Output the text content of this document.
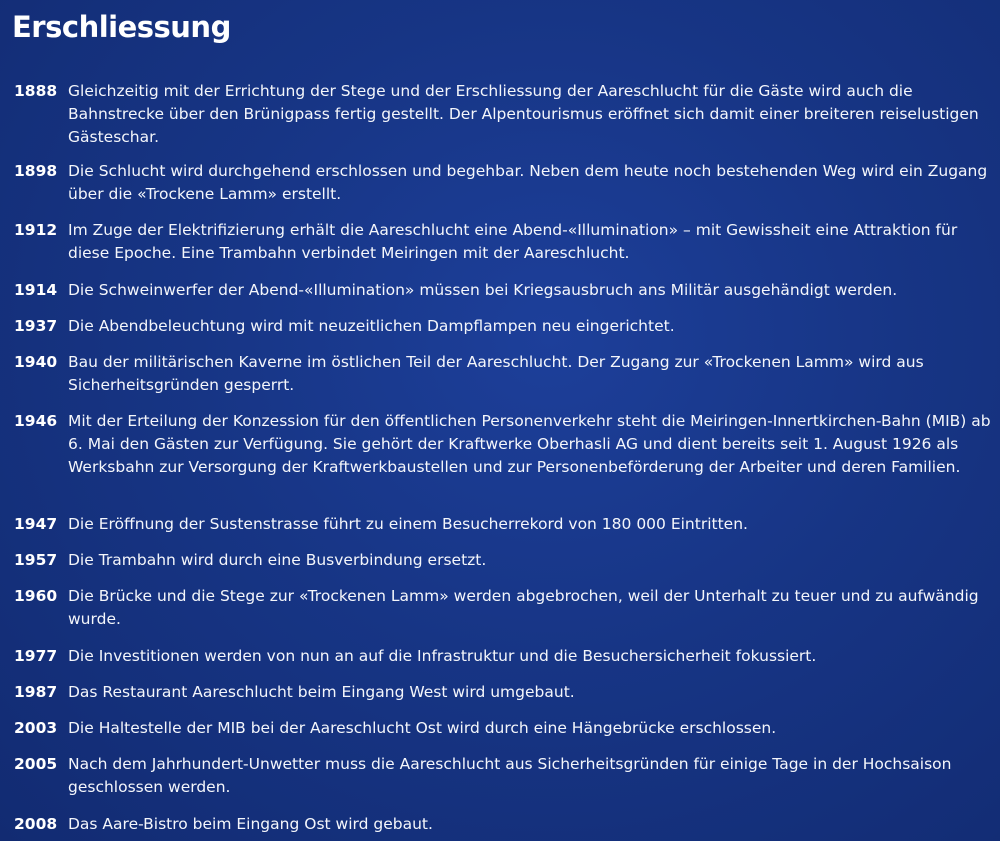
Erschliessung
1888 Gleichzeitig mit der Errichtung der Stege und der Erschliessung der Aareschlucht für die Gäste wird auch die Bahnstrecke über den Brünigpass fertig gestellt. Der Alpentourismus eröffnet sich damit einer breiteren reiselustigen Gästeschar.
1898 Die Schlucht wird durchgehend erschlossen und begehbar. Neben dem heute noch bestehenden Weg wird ein Zugang über die «Trockene Lamm» erstellt.
1912 Im Zuge der Elektrifizierung erhält die Aareschlucht eine Abend-«Illumination» – mit Gewissheit eine Attraktion für diese Epoche. Eine Trambahn verbindet Meiringen mit der Aareschlucht.
1914 Die Schweinwerfer der Abend-«Illumination» müssen bei Kriegsausbruch ans Militär ausgehändigt werden.
1937 Die Abendbeleuchtung wird mit neuzeitlichen Dampflampen neu eingerichtet.
1940 Bau der militärischen Kaverne im östlichen Teil der Aareschlucht. Der Zugang zur «Trockenen Lamm» wird aus Sicherheitsgründen gesperrt.
1946 Mit der Erteilung der Konzession für den öffentlichen Personenverkehr steht die Meiringen-Innertkirchen-Bahn (MIB) ab 6. Mai den Gästen zur Verfügung. Sie gehört der Kraftwerke Oberhasli AG und dient bereits seit 1. August 1926 als Werksbahn zur Versorgung der Kraftwerkbaustellen und zur Personenbeförderung der Arbeiter und deren Familien.
1947 Die Eröffnung der Sustenstrasse führt zu einem Besucherrekord von 180 000 Eintritten.
1957 Die Trambahn wird durch eine Busverbindung ersetzt.
1960 Die Brücke und die Stege zur «Trockenen Lamm» werden abgebrochen, weil der Unterhalt zu teuer und zu aufwändig wurde.
1977 Die Investitionen werden von nun an auf die Infrastruktur und die Besuchersicherheit fokussiert.
1987 Das Restaurant Aareschlucht beim Eingang West wird umgebaut.
2003 Die Haltestelle der MIB bei der Aareschlucht Ost wird durch eine Hängebrücke erschlossen.
2005 Nach dem Jahrhundert-Unwetter muss die Aareschlucht aus Sicherheitsgründen für einige Tage in der Hochsaison geschlossen werden.
2008 Das Aare-Bistro beim Eingang Ost wird gebaut.
